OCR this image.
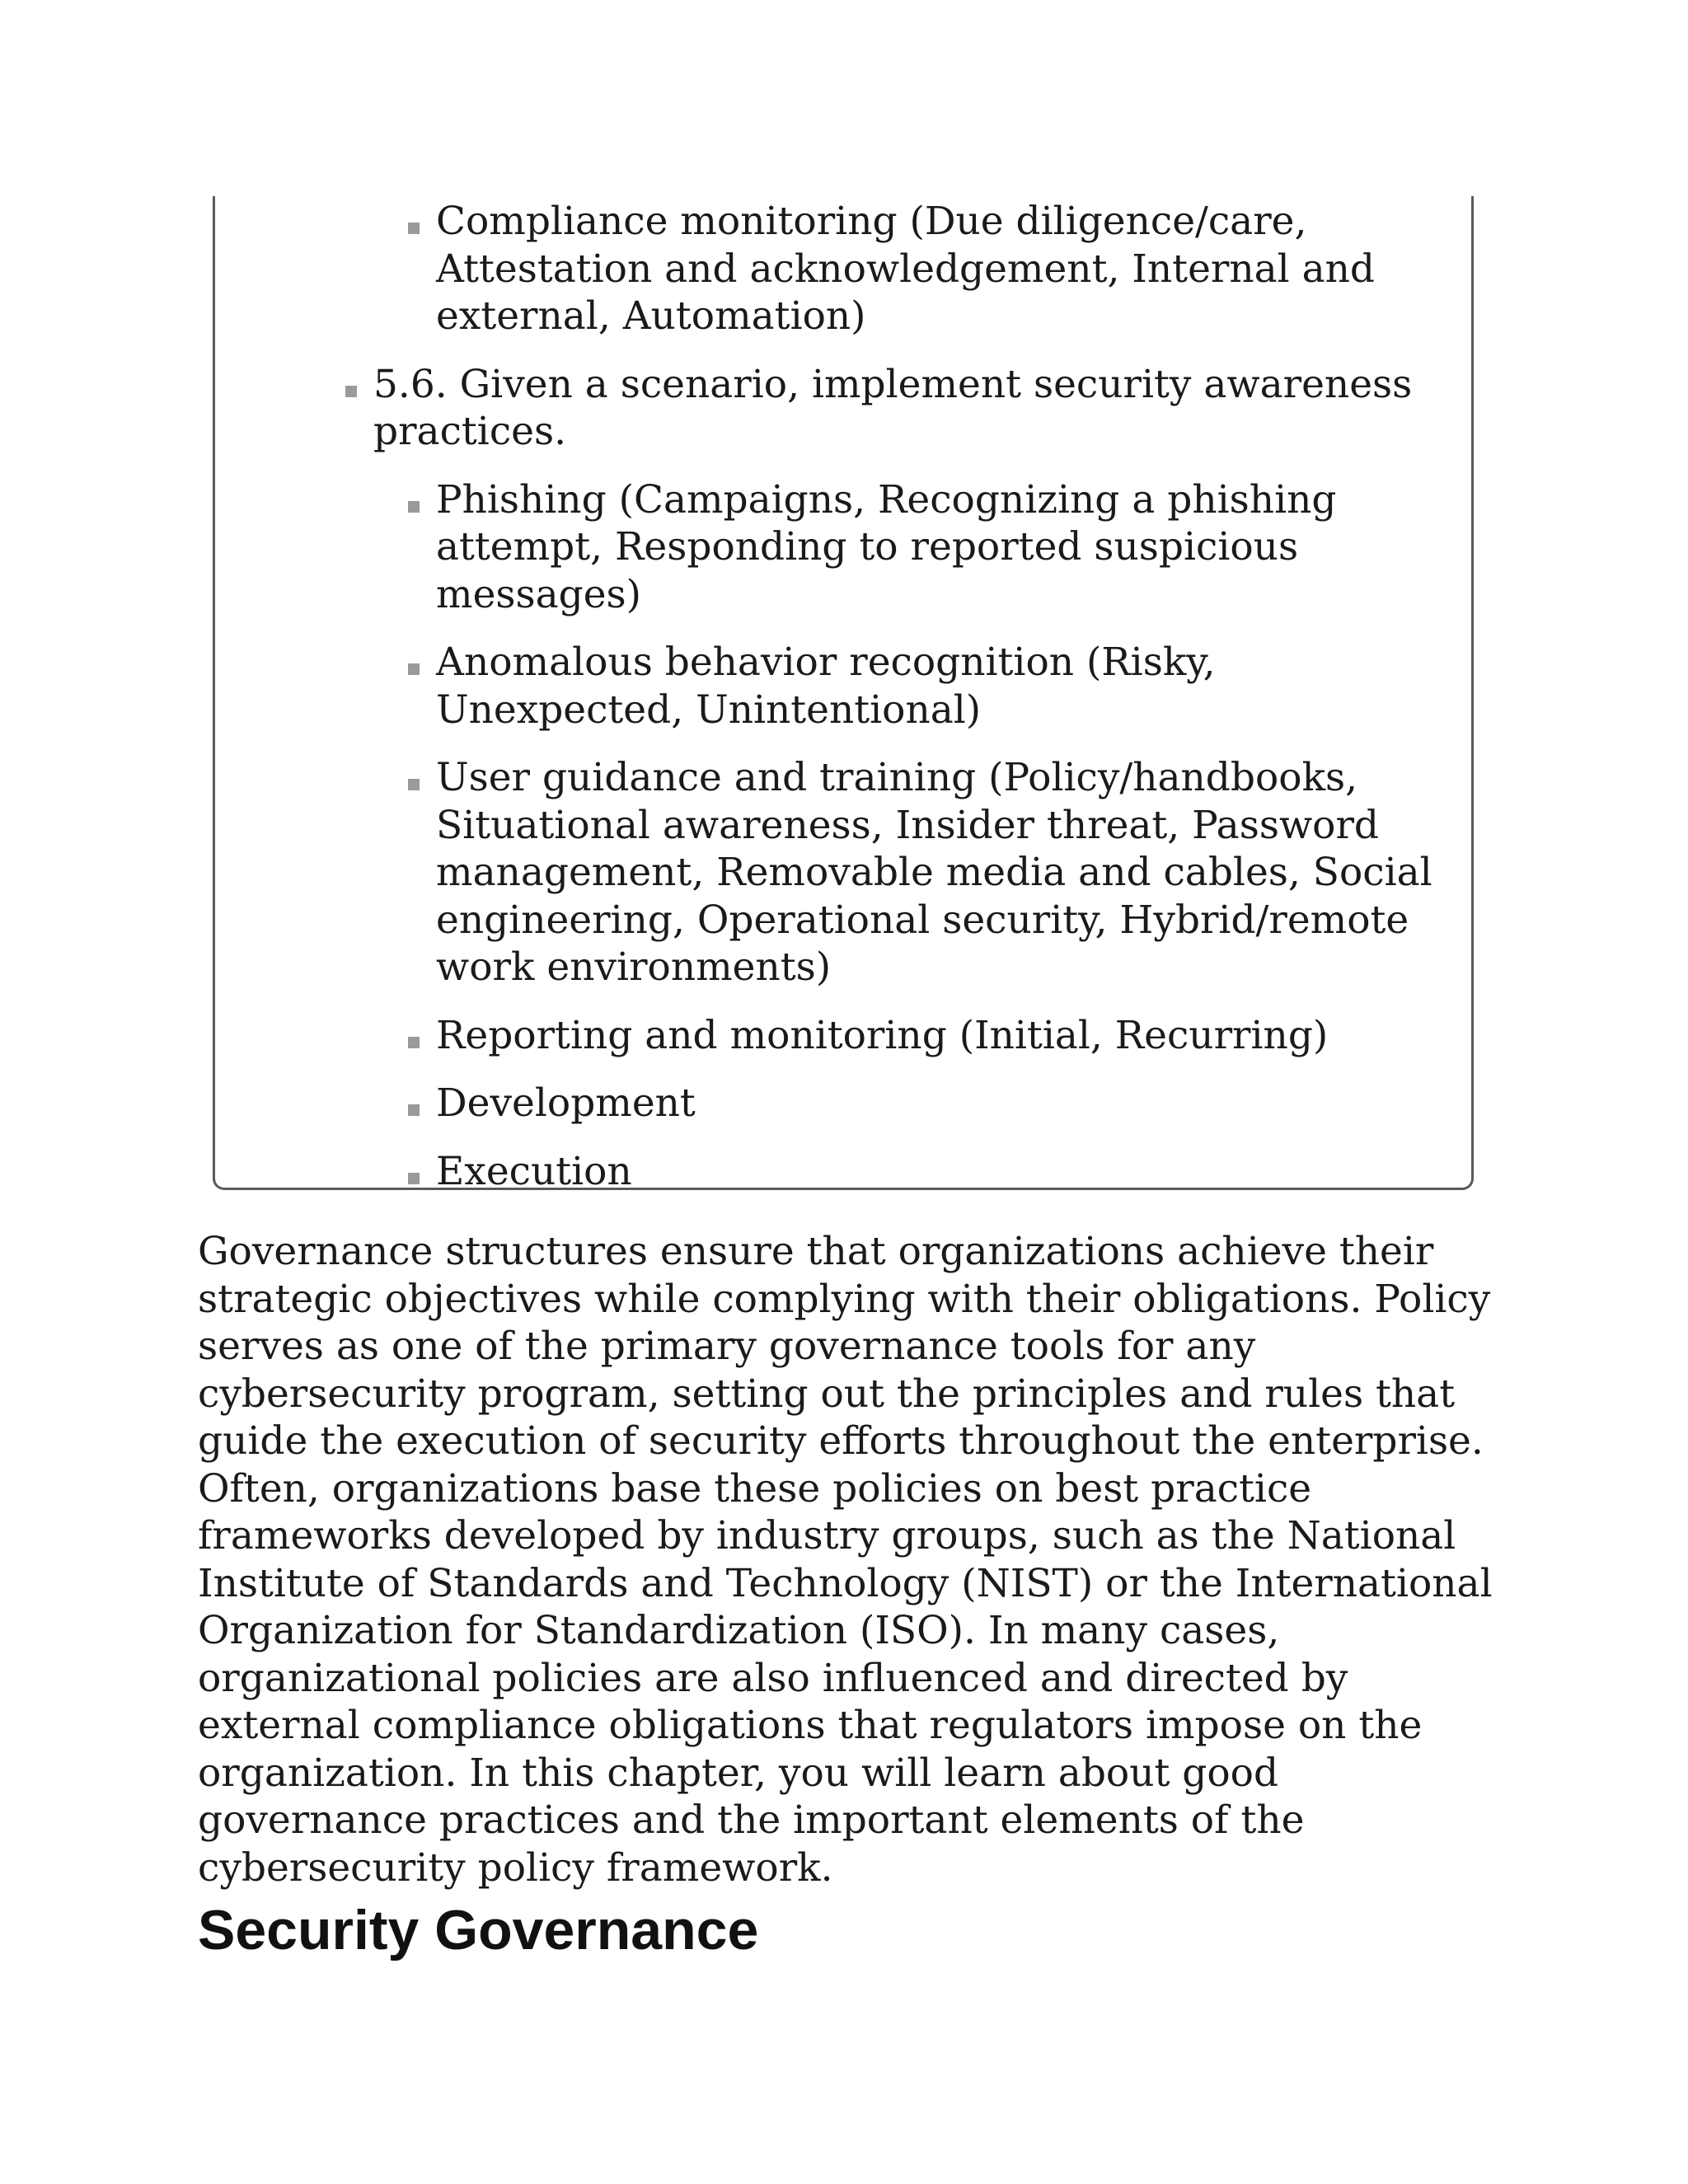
Compliance monitoring (Due diligence/care, Attestation and acknowledgement, Internal and external, Automation)
5.6. Given a scenario, implement security awareness practices.
Phishing (Campaigns, Recognizing a phishing attempt, Responding to reported suspicious messages)
Anomalous behavior recognition (Risky, Unexpected, Unintentional)
User guidance and training (Policy/handbooks, Situational awareness, Insider threat, Password management, Removable media and cables, Social engineering, Operational security, Hybrid/remote work environments)
Reporting and monitoring (Initial, Recurring)
Development
Execution

Governance structures ensure that organizations achieve their strategic objectives while complying with their obligations. Policy serves as one of the primary governance tools for any cybersecurity program, setting out the principles and rules that guide the execution of security efforts throughout the enterprise. Often, organizations base these policies on best practice frameworks developed by industry groups, such as the National Institute of Standards and Technology (NIST) or the International Organization for Standardization (ISO). In many cases, organizational policies are also influenced and directed by external compliance obligations that regulators impose on the organization. In this chapter, you will learn about good governance practices and the important elements of the cybersecurity policy framework.

Security Governance
